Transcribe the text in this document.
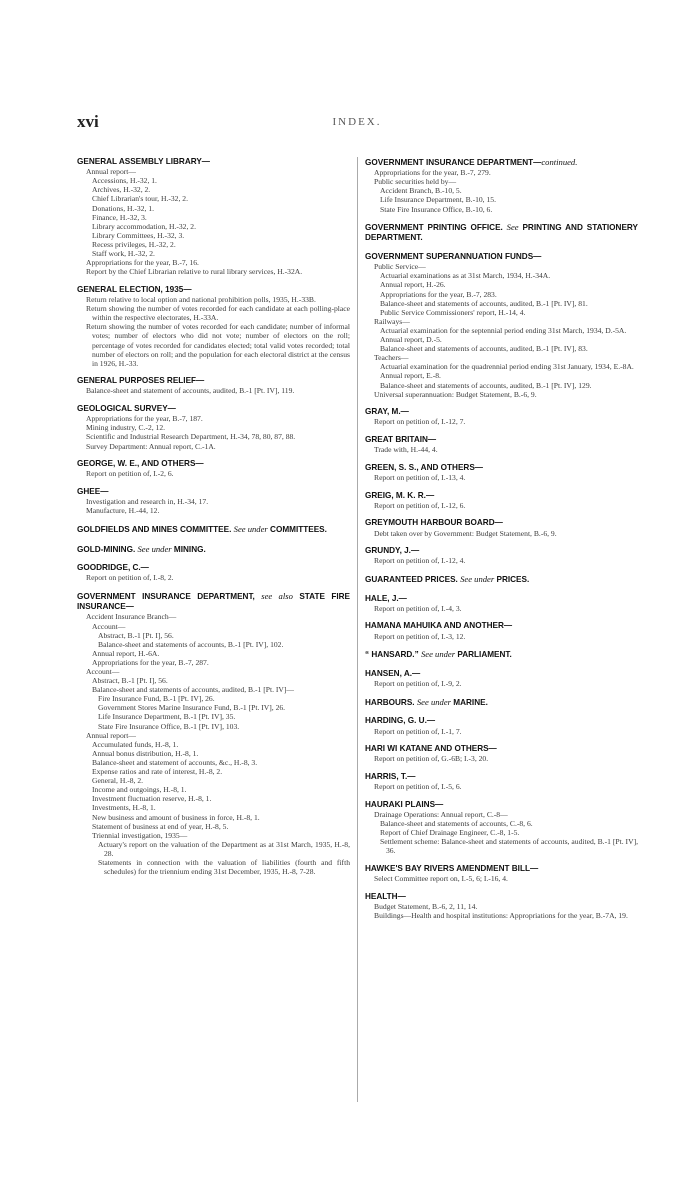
xvi	INDEX.
GENERAL ASSEMBLY LIBRARY—
Annual report—
Accessions, H.-32, 1.
Archives, H.-32, 2.
Chief Librarian's tour, H.-32, 2.
Donations, H.-32, 1.
Finance, H.-32, 3.
Library accommodation, H.-32, 2.
Library Committees, H.-32, 3.
Recess privileges, H.-32, 2.
Staff work, H.-32, 2.
Appropriations for the year, B.-7, 16.
Report by the Chief Librarian relative to rural library services, H.-32A.
GENERAL ELECTION, 1935—
Return relative to local option and national prohibition polls, 1935, H.-33B.
Return showing the number of votes recorded for each candidate at each polling-place within the respective electorates, H.-33A.
Return showing the number of votes recorded for each candidate; number of informal votes; number of electors who did not vote; number of electors on the roll; percentage of votes recorded for candidates elected; total valid votes recorded; total number of electors on roll; and the population for each electoral district at the census in 1926, H.-33.
GENERAL PURPOSES RELIEF—
Balance-sheet and statement of accounts, audited, B.-1 [Pt. IV], 119.
GEOLOGICAL SURVEY—
Appropriations for the year, B.-7, 187.
Mining industry, C.-2, 12.
Scientific and Industrial Research Department, H.-34, 78, 80, 87, 88.
Survey Department: Annual report, C.-1A.
GEORGE, W. E., AND OTHERS—
Report on petition of, I.-2, 6.
GHEE—
Investigation and research in, H.-34, 17.
Manufacture, H.-44, 12.
GOLDFIELDS AND MINES COMMITTEE. See under COMMITTEES.
GOLD-MINING. See under MINING.
GOODRIDGE, C.—
Report on petition of, I.-8, 2.
GOVERNMENT INSURANCE DEPARTMENT, see also STATE FIRE INSURANCE—
Accident Insurance Branch—
Account—
Abstract, B.-1 [Pt. I], 56.
Balance-sheet and statements of accounts, B.-1 [Pt. IV], 102.
Annual report, H.-6A.
Appropriations for the year, B.-7, 287.
Account—
Abstract, B.-1 [Pt. I], 56.
Balance-sheet and statements of accounts, audited, B.-1 [Pt. IV]—
Fire Insurance Fund, B.-1 [Pt. IV], 26.
Government Stores Marine Insurance Fund, B.-1 [Pt. IV], 26.
Life Insurance Department, B.-1 [Pt. IV], 35.
State Fire Insurance Office, B.-1 [Pt. IV], 103.
Annual report—
Accumulated funds, H.-8, 1.
Annual bonus distribution, H.-8, 1.
Balance-sheet and statement of accounts, &c., H.-8, 3.
Expense ratios and rate of interest, H.-8, 2.
General, H.-8, 2.
Income and outgoings, H.-8, 1.
Investment fluctuation reserve, H.-8, 1.
Investments, H.-8, 1.
New business and amount of business in force, H.-8, 1.
Statement of business at end of year, H.-8, 5.
Triennial investigation, 1935—
Actuary's report on the valuation of the Department as at 31st March, 1935, H.-8, 28.
Statements in connection with the valuation of liabilities (fourth and fifth schedules) for the triennium ending 31st December, 1935, H.-8, 7-28.
GOVERNMENT INSURANCE DEPARTMENT—continued.
Appropriations for the year, B.-7, 279.
Public securities held by—
Accident Branch, B.-10, 5.
Life Insurance Department, B.-10, 15.
State Fire Insurance Office, B.-10, 6.
GOVERNMENT PRINTING OFFICE. See PRINTING AND STATIONERY DEPARTMENT.
GOVERNMENT SUPERANNUATION FUNDS—
Public Service—
Actuarial examinations as at 31st March, 1934, H.-34A.
Annual report, H.-26.
Appropriations for the year, B.-7, 283.
Balance-sheet and statements of accounts, audited, B.-1 [Pt. IV], 81.
Public Service Commissioners' report, H.-14, 4.
Railways—
Actuarial examination for the septennial period ending 31st March, 1934, D.-5A.
Annual report, D.-5.
Balance-sheet and statements of accounts, audited, B.-1 [Pt. IV], 83.
Teachers—
Actuarial examination for the quadrennial period ending 31st January, 1934, E.-8A.
Annual report, E.-8.
Balance-sheet and statements of accounts, audited, B.-1 [Pt. IV], 129.
Universal superannuation: Budget Statement, B.-6, 9.
GRAY, M.—
Report on petition of, I.-12, 7.
GREAT BRITAIN—
Trade with, H.-44, 4.
GREEN, S. S., AND OTHERS—
Report on petition of, I.-13, 4.
GREIG, M. K. R.—
Report on petition of, I.-12, 6.
GREYMOUTH HARBOUR BOARD—
Debt taken over by Government: Budget Statement, B.-6, 9.
GRUNDY, J.—
Report on petition of, I.-12, 4.
GUARANTEED PRICES. See under PRICES.
HALE, J.—
Report on petition of, I.-4, 3.
HAMANA MAHUIKA AND ANOTHER—
Report on petition of, I.-3, 12.
“ HANSARD.” See under PARLIAMENT.
HANSEN, A.—
Report on petition of, I.-9, 2.
HARBOURS. See under MARINE.
HARDING, G. U.—
Report on petition of, I.-1, 7.
HARI WI KATANE AND OTHERS—
Report on petition of, G.-6B; I.-3, 20.
HARRIS, T.—
Report on petition of, I.-5, 6.
HAURAKI PLAINS—
Drainage Operations: Annual report, C.-8—
Balance-sheet and statements of accounts, C.-8, 6.
Report of Chief Drainage Engineer, C.-8, 1-5.
Settlement scheme: Balance-sheet and statements of accounts, audited, B.-1 [Pt. IV], 36.
HAWKE'S BAY RIVERS AMENDMENT BILL—
Select Committee report on, I.-5, 6; I.-16, 4.
HEALTH—
Budget Statement, B.-6, 2, 11, 14.
Buildings—Health and hospital institutions: Appropriations for the year, B.-7A, 19.
